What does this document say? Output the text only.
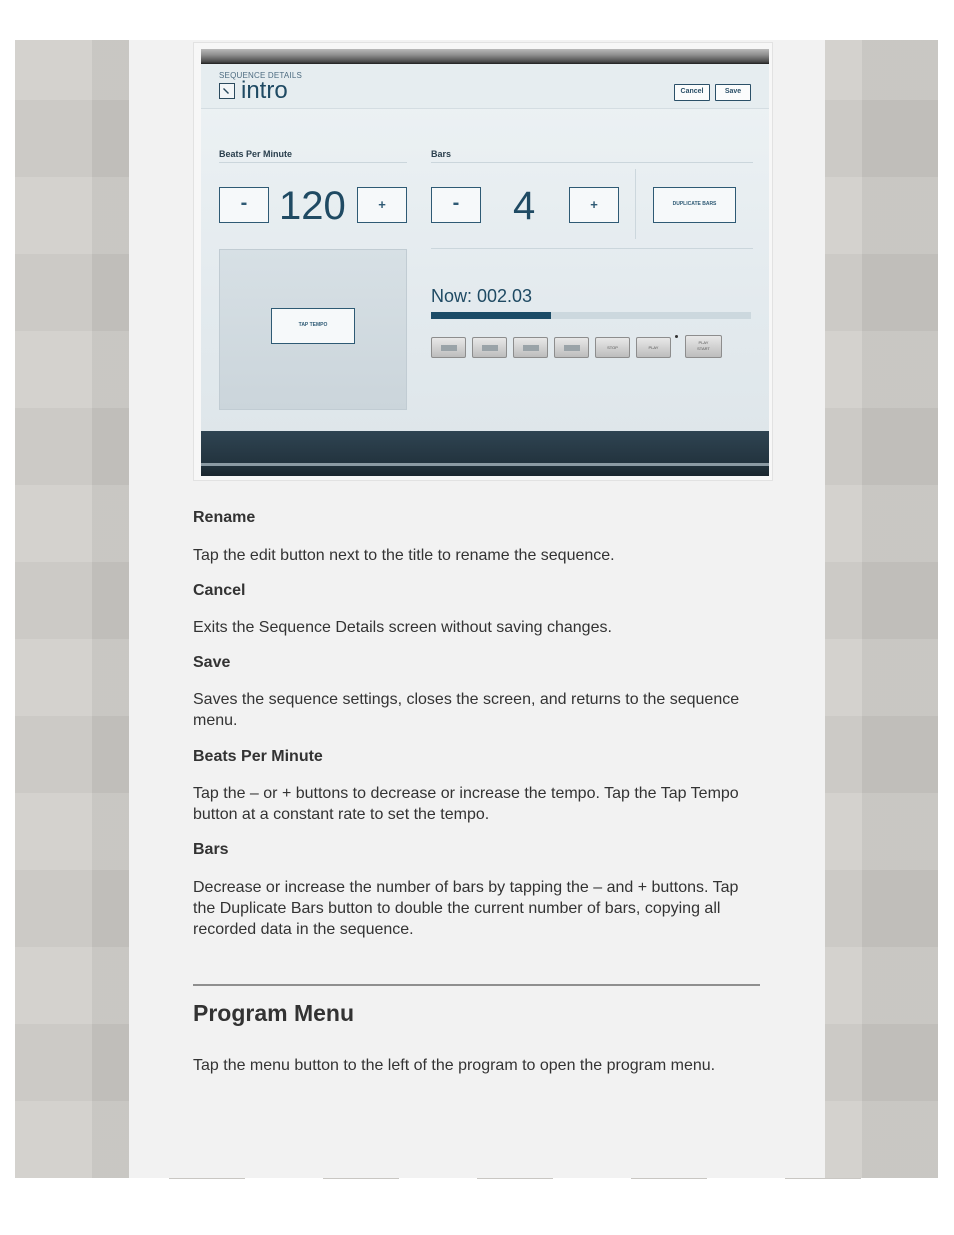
SEQUENCE DETAILS
intro	Cancel	Save
Beats Per Minute	Bars
- 120	+	-	4	+	DUPLICATE BARS
TAP TEMPO
Now: 002.03
STOP	PLAY
PLAY
START
Rename
Tap the edit button next to the title to rename the sequence.
Cancel
Exits the Sequence Details screen without saving changes.
Save
Saves the sequence settings, closes the screen, and returns to the sequence menu.
Beats Per Minute
Tap the – or + buttons to decrease or increase the tempo. Tap the Tap Tempo button at a constant rate to set the tempo.
Bars
Decrease or increase the number of bars by tapping the – and + buttons. Tap the Duplicate Bars button to double the current number of bars, copying all recorded data in the sequence.
Program Menu
Tap the menu button to the left of the program to open the program menu.
